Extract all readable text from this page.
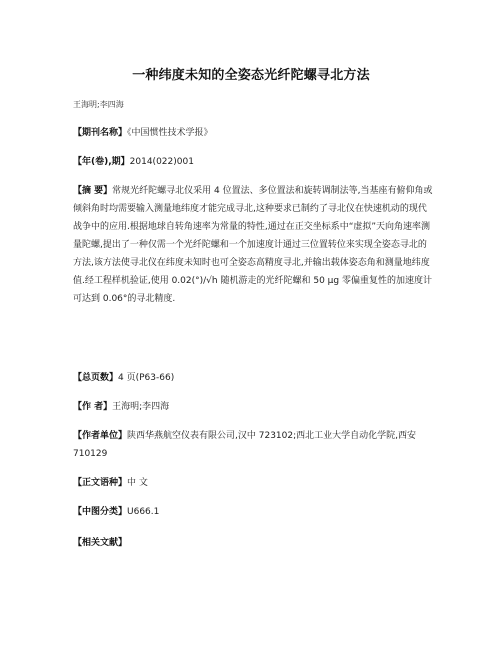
一种纬度未知的全姿态光纤陀螺寻北方法
王海明;李四海
【期刊名称】《中国惯性技术学报》
【年(卷),期】2014(022)001
【摘 要】常规光纤陀螺寻北仪采用 4 位置法、多位置法和旋转调制法等,当基座有俯仰角或倾斜角时均需要输入测量地纬度才能完成寻北,这种要求已制约了寻北仪在快速机动的现代战争中的应用.根据地球自转角速率为常量的特性,通过在正交坐标系中“虚拟”天向角速率测量陀螺,提出了一种仅需一个光纤陀螺和一个加速度计通过三位置转位来实现全姿态寻北的方法,该方法使寻北仪在纬度未知时也可全姿态高精度寻北,并输出载体姿态角和测量地纬度值.经工程样机验证,使用 0.02(°)/√h 随机游走的光纤陀螺和 50 μg 零偏重复性的加速度计可达到 0.06°的寻北精度.
【总页数】4 页(P63-66)
【作 者】王海明;李四海
【作者单位】陕西华燕航空仪表有限公司,汉中 723102;西北工业大学自动化学院,西安 710129
【正文语种】中 文
【中图分类】U666.1
【相关文献】
